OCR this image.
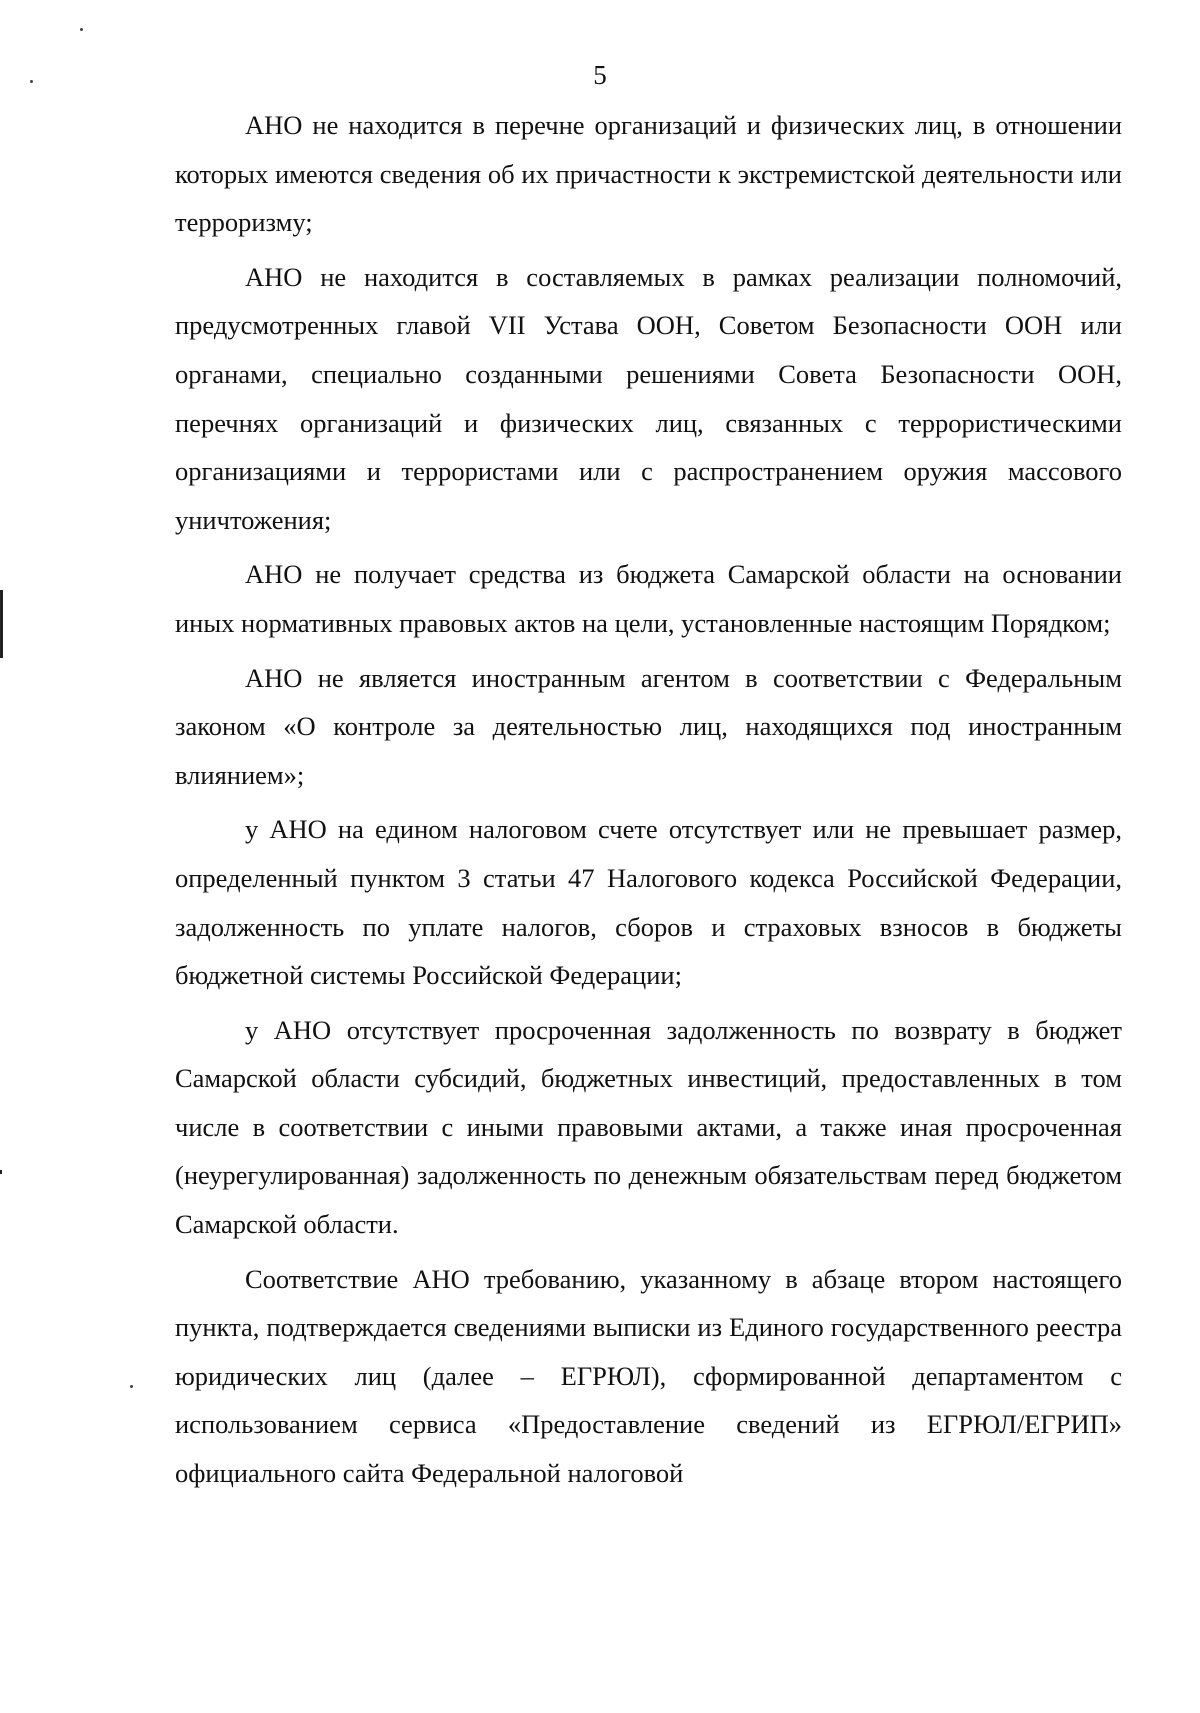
5

АНО не находится в перечне организаций и физических лиц, в отношении которых имеются сведения об их причастности к экстремистской деятельности или терроризму;

АНО не находится в составляемых в рамках реализации полномочий, предусмотренных главой VII Устава ООН, Советом Безопасности ООН или органами, специально созданными решениями Совета Безопасности ООН, перечнях организаций и физических лиц, связанных с террористическими организациями и террористами или с распространением оружия массового уничтожения;

АНО не получает средства из бюджета Самарской области на основании иных нормативных правовых актов на цели, установленные настоящим Порядком;

АНО не является иностранным агентом в соответствии с Федеральным законом «О контроле за деятельностью лиц, находящихся под иностранным влиянием»;

у АНО на едином налоговом счете отсутствует или не превышает размер, определенный пунктом 3 статьи 47 Налогового кодекса Российской Федерации, задолженность по уплате налогов, сборов и страховых взносов в бюджеты бюджетной системы Российской Федерации;

у АНО отсутствует просроченная задолженность по возврату в бюджет Самарской области субсидий, бюджетных инвестиций, предоставленных в том числе в соответствии с иными правовыми актами, а также иная просроченная (неурегулированная) задолженность по денежным обязательствам перед бюджетом Самарской области.

Соответствие АНО требованию, указанному в абзаце втором настоящего пункта, подтверждается сведениями выписки из Единого государственного реестра юридических лиц (далее – ЕГРЮЛ), сформированной департаментом с использованием сервиса «Предоставление сведений из ЕГРЮЛ/ЕГРИП» официального сайта Федеральной налоговой
